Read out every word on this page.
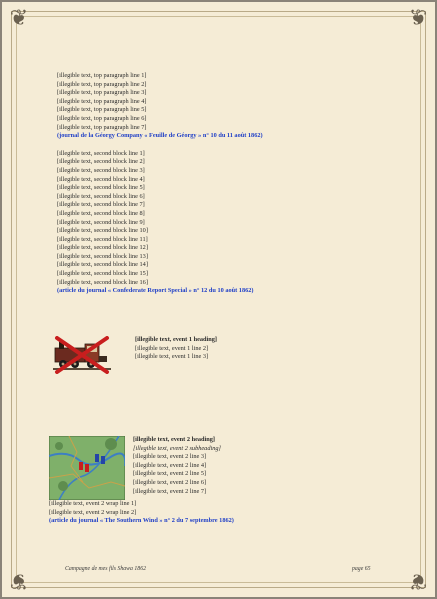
❦	❦
❦	❦
[illegible text, top paragraph line 1]
[illegible text, top paragraph line 2]
[illegible text, top paragraph line 3]
[illegible text, top paragraph line 4]
[illegible text, top paragraph line 5]
[illegible text, top paragraph line 6]
[illegible text, top paragraph line 7]
(journal de la Géorgy Company « Feuille de Géorgy » n° 10 du 11 août 1862)
[illegible text, second block line 1]
[illegible text, second block line 2]
[illegible text, second block line 3]
[illegible text, second block line 4]
[illegible text, second block line 5]
[illegible text, second block line 6]
[illegible text, second block line 7]
[illegible text, second block line 8]
[illegible text, second block line 9]
[illegible text, second block line 10]
[illegible text, second block line 11]
[illegible text, second block line 12]
[illegible text, second block line 13]
[illegible text, second block line 14]
[illegible text, second block line 15]
[illegible text, second block line 16]
(article du journal « Confederate Report Special » n° 12 du 10 août 1862)
[illegible text, event 1 heading]
[illegible text, event 1 line 2]
[illegible text, event 1 line 3]
[illegible text, event 2 heading]
[illegible text, event 2 subheading]
[illegible text, event 2 line 3]
[illegible text, event 2 line 4]
[illegible text, event 2 line 5]
[illegible text, event 2 line 6]
[illegible text, event 2 line 7]
[illegible text, event 2 wrap line 1]
[illegible text, event 2 wrap line 2]
(article du journal « The Southern Wind » n° 2 du 7 septembre 1862)
Campagne de mes fils Shawa 1862	page 65
